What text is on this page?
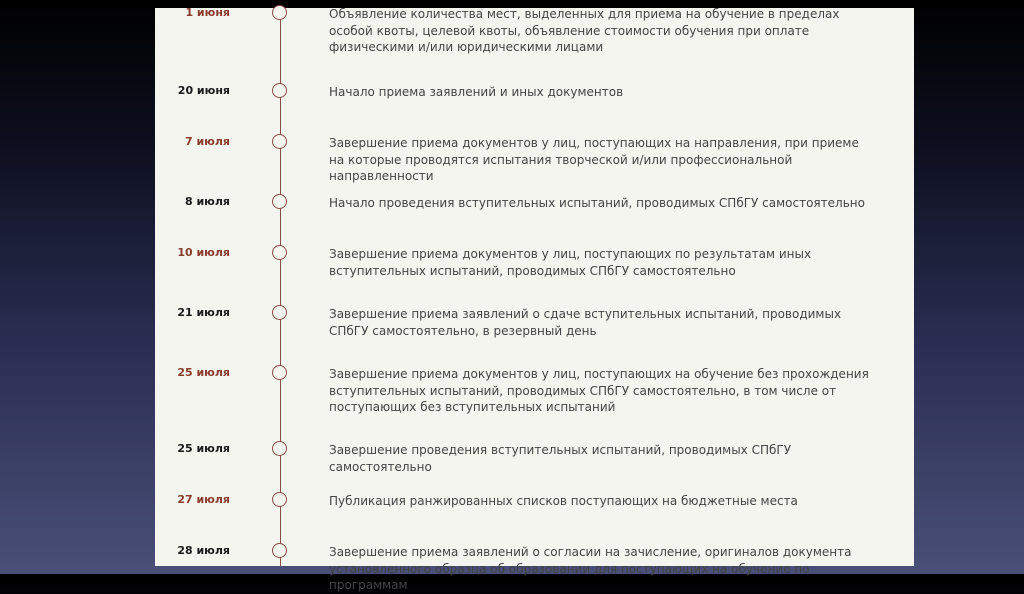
1 июня	Объявление количества мест, выделенных для приема на обучение в пределах особой квоты, целевой квоты, объявление стоимости обучения при оплате физическими и/или юридическими лицами
20 июня	Начало приема заявлений и иных документов
7 июля	Завершение приема документов у лиц, поступающих на направления, при приеме на которые проводятся испытания творческой и/или профессиональной направленности
8 июля	Начало проведения вступительных испытаний, проводимых СПбГУ самостоятельно
10 июля	Завершение приема документов у лиц, поступающих по результатам иных вступительных испытаний, проводимых СПбГУ самостоятельно
21 июля	Завершение приема заявлений о сдаче вступительных испытаний, проводимых СПбГУ самостоятельно, в резервный день
25 июля	Завершение приема документов у лиц, поступающих на обучение без прохождения вступительных испытаний, проводимых СПбГУ самостоятельно, в том числе от поступающих без вступительных испытаний
25 июля	Завершение проведения вступительных испытаний, проводимых СПбГУ самостоятельно
27 июля	Публикация ранжированных списков поступающих на бюджетные места
28 июля	Завершение приема заявлений о согласии на зачисление, оригиналов документа установленного образца об образовании для поступающих на обучение по программам
